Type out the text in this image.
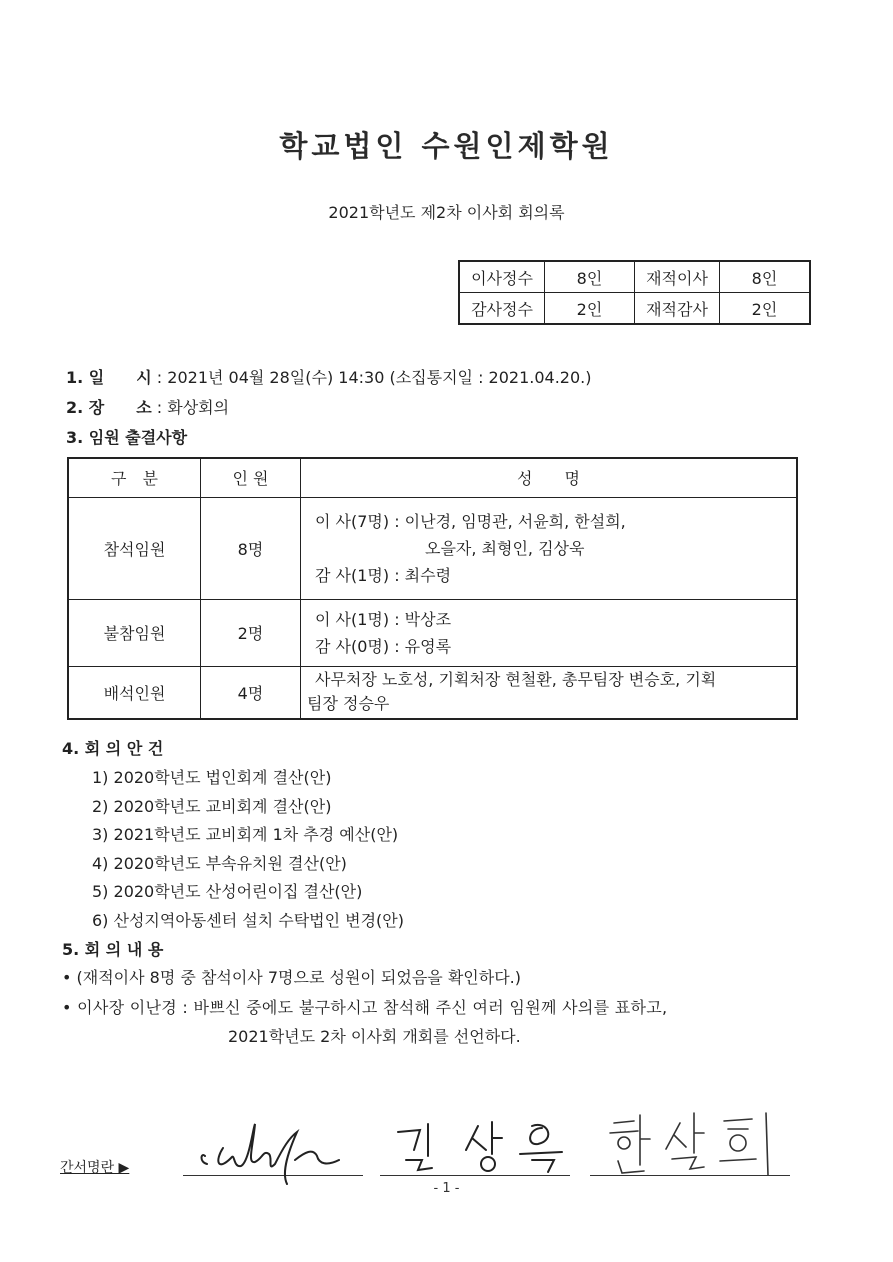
학교법인 수원인제학원
2021학년도 제2차 이사회 회의록
이사정수	8인	재적이사	8인
감사정수	2인	재적감사	2인
1. 일　　시 : 2021년 04월 28일(수) 14:30 (소집통지일 : 2021.04.20.)
2. 장　　소 : 화상회의
3. 임원 출결사항
구　분	인 원	성　　명
참석임원	8명	이 사(7명) : 이난경, 임명관, 서윤희, 한설희,
오을자, 최형인, 김상욱
감 사(1명) : 최수령

불참임원	2명	이 사(1명) : 박상조
감 사(0명) : 유영록

배석인원	4명	사무처장 노호성, 기획처장 현철환, 총무팀장 변승호, 기획
팀장 정승우
4. 회 의 안 건
1) 2020학년도 법인회계 결산(안)
2) 2020학년도 교비회계 결산(안)
3) 2021학년도 교비회계 1차 추경 예산(안)
4) 2020학년도 부속유치원 결산(안)
5) 2020학년도 산성어린이집 결산(안)
6) 산성지역아동센터 설치 수탁법인 변경(안)
5. 회 의 내 용
• (재적이사 8명 중 참석이사 7명으로 성원이 되었음을 확인하다.)
• 이사장 이난경 : 바쁘신 중에도 불구하시고 참석해 주신 여러 임원께 사의를 표하고,
2021학년도 2차 이사회 개회를 선언하다.
간서명란 ▶
- 1 -
